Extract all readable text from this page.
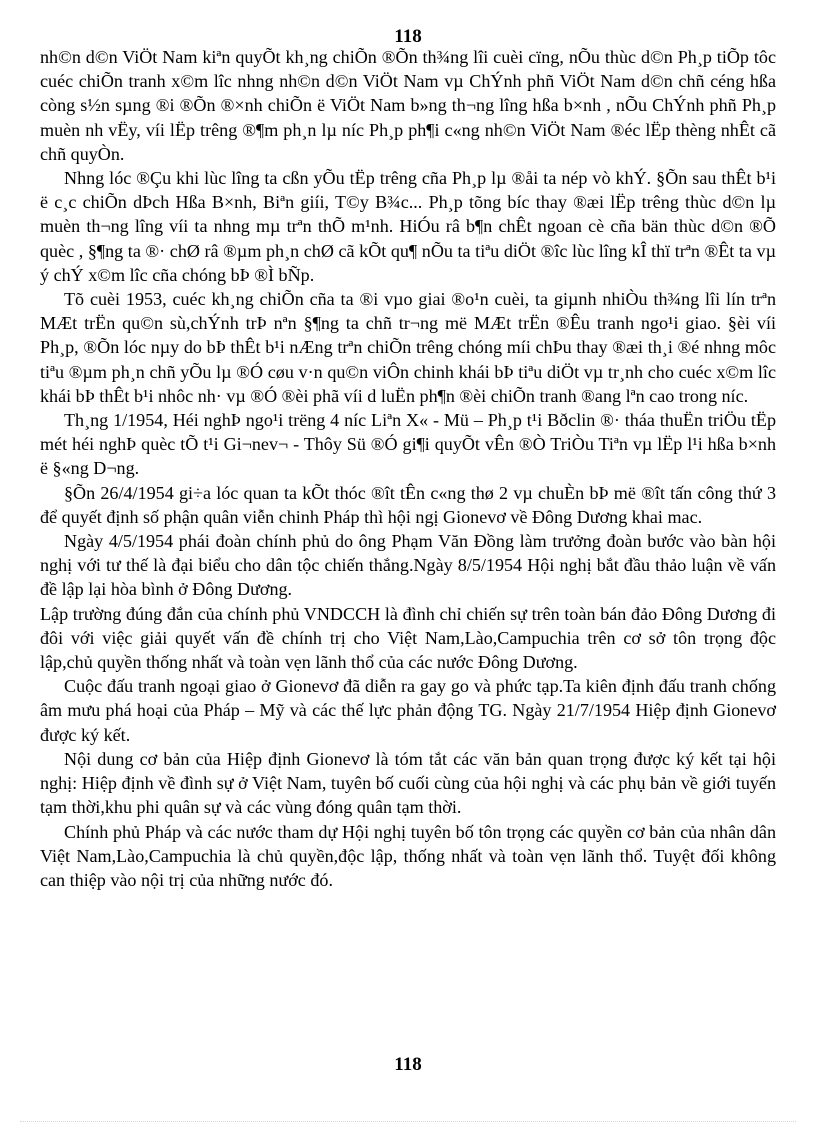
118

nh©n d©n ViÖt Nam kiªn quyÕt kh¸ng chiÕn ®Õn th¾ng lîi cuèi cïng, nÕu thùc d©n Ph¸p tiÕp tôc cuéc chiÕn tranh x©m lîc nhng nh©n d©n ViÖt Nam vµ ChÝnh phñ ViÖt Nam d©n chñ céng hßa còng s½n sµng ®i ®Õn ®×nh chiÕn ë ViÖt Nam b»ng th¬ng lîng hßa b×nh , nÕu ChÝnh phñ Ph¸p muèn nh vËy, víi lËp trêng ®¶m ph¸n lµ níc Ph¸p ph¶i c«ng nh©n ViÖt Nam ®éc lËp thèng nhÊt cã chñ quyÒn.

Nhng lóc ®Çu khi lùc lîng ta cßn yÕu tËp trêng cña Ph¸p lµ ®åi ta nép vò khÝ. §Õn sau thÊt b¹i ë c¸c chiÕn dÞch Hßa B×nh, Biªn giíi, T©y B¾c... Ph¸p tõng bíc thay ®æi lËp trêng thùc d©n lµ muèn th¬ng lîng víi ta nhng mµ trªn thÕ m¹nh. HiÓu râ b¶n chÊt ngoan cè cña bän thùc d©n ®Õ quèc , §¶ng ta ®· chØ râ ®µm ph¸n chØ cã kÕt qu¶ nÕu ta tiªu diÖt ®îc lùc lîng kÎ thï trªn ®Êt ta vµ ý chÝ x©m lîc cña chóng bÞ ®Ì bÑp.

Tõ cuèi 1953, cuéc kh¸ng chiÕn cña ta ®i vµo giai ®o¹n cuèi, ta giµnh nhiÒu th¾ng lîi lín trªn MÆt trËn qu©n sù,chÝnh trÞ nªn §¶ng ta chñ tr¬ng më MÆt trËn ®Êu tranh ngo¹i giao. §èi víi Ph¸p, ®Õn lóc nµy do bÞ thÊt b¹i nÆng trªn chiÕn trêng chóng míi chÞu thay ®æi th¸i ®é nhng môc tiªu ®µm ph¸n chñ yÕu lµ ®Ó cøu v·n qu©n viÔn chinh khái bÞ tiªu diÖt vµ tr¸nh cho cuéc x©m lîc khái bÞ thÊt b¹i nhôc nh· vµ ®Ó ®èi phã víi d luËn ph¶n ®èi chiÕn tranh ®ang lªn cao trong níc.

Th¸ng 1/1954, Héi nghÞ ngo¹i trëng 4 níc Liªn X« - Mü – Ph¸p t¹i Bðclin ®· tháa thuËn triÖu tËp mét héi nghÞ quèc tÕ t¹i Gi¬nev¬ - Thôy Sü ®Ó gi¶i quyÕt vÊn ®Ò TriÒu Tiªn vµ lËp l¹i hßa b×nh ë §«ng D¬ng.

§Õn 26/4/1954 gi÷a lóc quan ta kÕt thóc ®ît tÊn c«ng thø 2 vµ chuÈn bÞ më ®ît tấn công thứ 3 để quyết định số phận quân viễn chinh Pháp thì hội ngị Gionevơ về Đông Dương khai mac.

Ngày 4/5/1954 phái đoàn chính phủ do ông Phạm Văn Đồng làm trưởng đoàn bước vào bàn hội nghị với tư thế là đại biểu cho dân tộc chiến thắng.Ngày 8/5/1954 Hội nghị bắt đầu thảo luận về vấn đề lập lại hòa bình ở Đông Dương.

Lập trường đúng đắn của chính phủ VNDCCH là đình chỉ chiến sự trên toàn bán đảo Đông Dương đi đôi với việc giải quyết vấn đề chính trị cho Việt Nam,Lào,Campuchia trên cơ sở tôn trọng độc lập,chủ quyền thống nhất và toàn vẹn lãnh thổ của các nước Đông Dương.

Cuộc đấu tranh ngoại giao ở Gionevơ đã diễn ra gay go và phức tạp.Ta kiên định đấu tranh chống âm mưu phá hoại của Pháp – Mỹ và các thế lực phản động TG. Ngày 21/7/1954 Hiệp định Gionevơ được ký kết.

Nội dung cơ bản của Hiệp định Gionevơ là tóm tắt các văn bản quan trọng được ký kết tại hội nghị: Hiệp định về đình sự ở Việt Nam, tuyên bố cuối cùng của hội nghị và các phụ bản về giới tuyến tạm thời,khu phi quân sự và các vùng đóng quân tạm thời.

Chính phủ Pháp và các nước tham dự Hội nghị tuyên bố tôn trọng các quyền cơ bản của nhân dân Việt Nam,Lào,Campuchia là chủ quyền,độc lập, thống nhất và toàn vẹn lãnh thổ. Tuyệt đối không can thiệp vào nội trị của những nước đó.

118
